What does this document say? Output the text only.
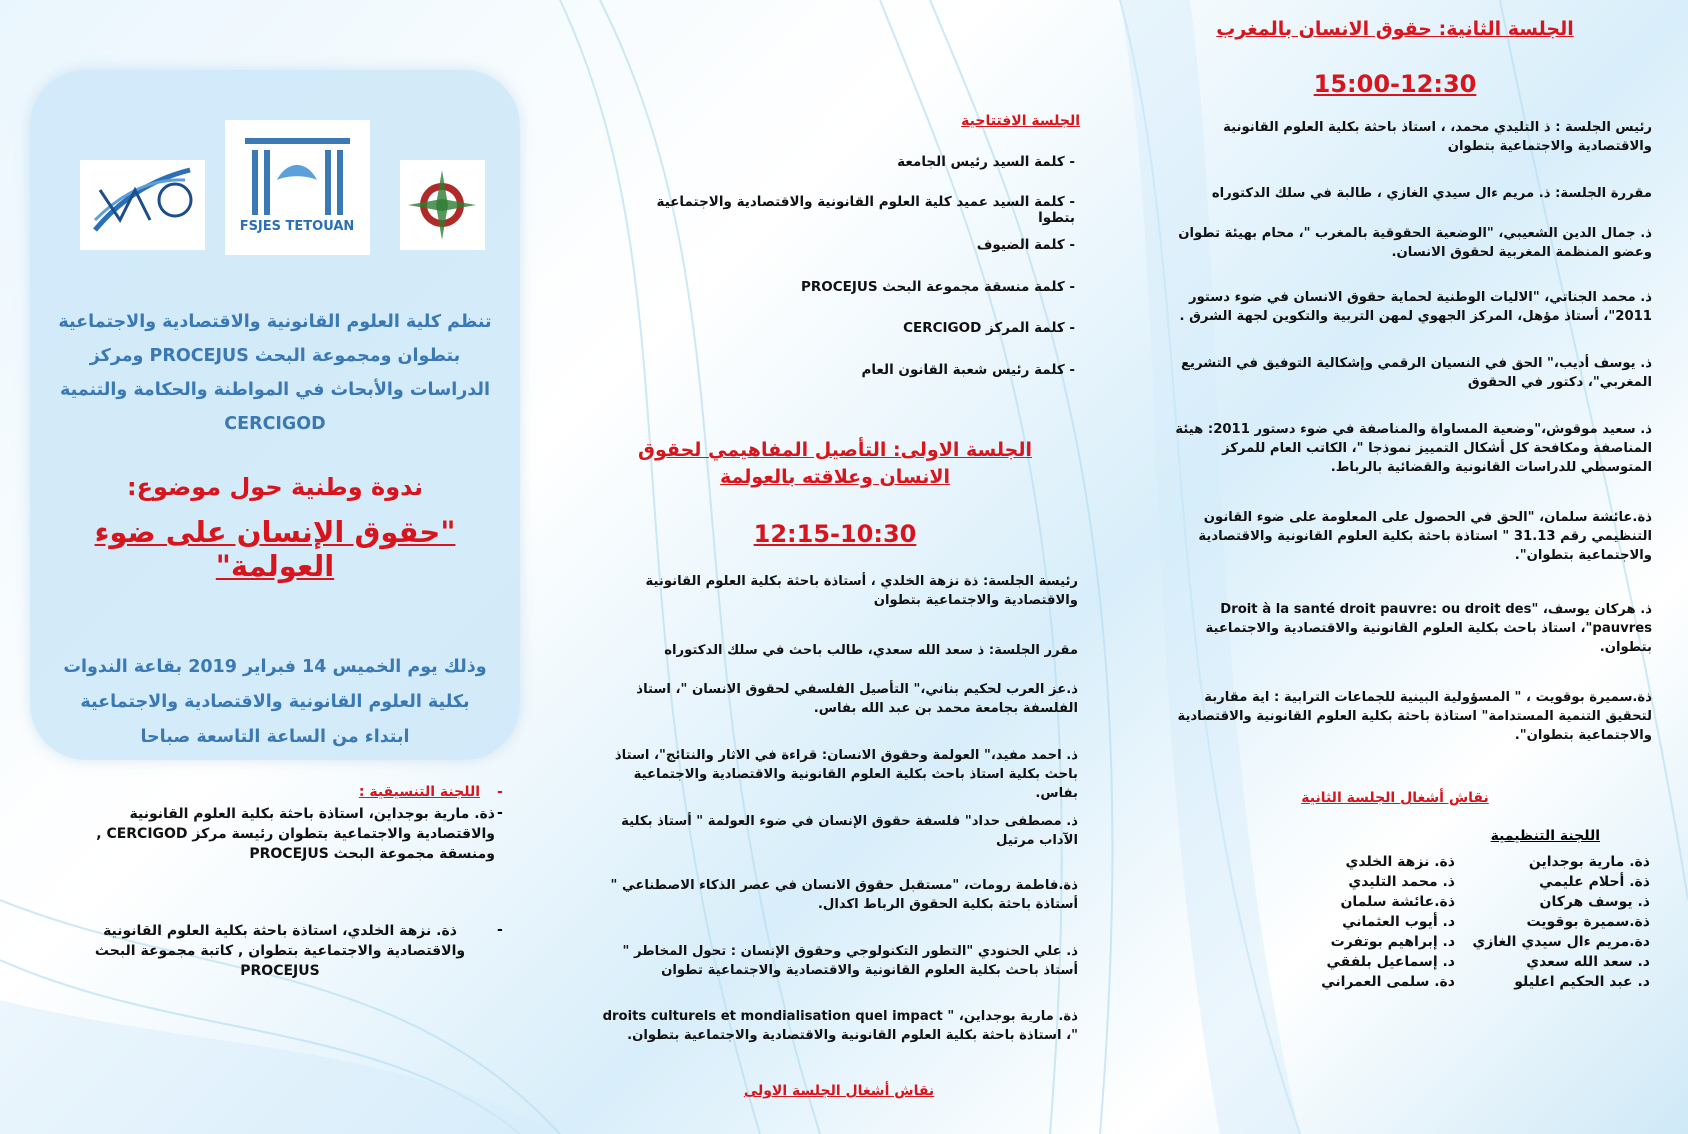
FSJES TETOUAN
تنظم كلية العلوم القانونية والاقتصادية والاجتماعية
بتطوان ومجموعة البحث PROCEJUS ومركز
الدراسات والأبحاث في المواطنة والحكامة والتنمية
CERCIGOD
ندوة وطنية حول موضوع:
"حقوق الإنسان على ضوء العولمة"
وذلك يوم الخميس 14 فبراير 2019 بقاعة الندوات
بكلية العلوم القانونية والاقتصادية والاجتماعية
ابتداء من الساعة التاسعة صباحا
-
اللجنة التنسيقية :
-
ذة. مارية بوجداين، استاذة باحثة بكلية العلوم القانونية والاقتصادية والاجتماعية بتطوان رئيسة مركز CERCIGOD , ومنسقة مجموعة البحث PROCEJUS
-
ذة. نزهة الخلدي، استاذة باحثة بكلية العلوم القانونية والاقتصادية والاجتماعية بتطوان , كاتبة مجموعة البحث PROCEJUS
الجلسة الافتتاحية
- كلمة السيد رئيس الجامعة
- كلمة السيد عميد كلية العلوم القانونية والاقتصادية والاجتماعية بتطوا
- كلمة الضيوف
- كلمة منسقة مجموعة البحث PROCEJUS
- كلمة المركز CERCIGOD
- كلمة رئيس شعبة القانون العام
الجلسة الاولى: التأصيل المفاهيمي لحقوق الانسان وعلاقته بالعولمة
12:15-10:30
رئيسة الجلسة: ذة نزهة الخلدي ، أستاذة باحثة بكلية العلوم القانونية والاقتصادية والاجتماعية بتطوان
مقرر الجلسة: ذ سعد الله سعدي، طالب باحث في سلك الدكتوراه
ذ.عز العرب لحكيم بناني،" التأصيل الفلسفي لحقوق الانسان "، استاذ الفلسفة بجامعة محمد بن عبد الله بفاس.
ذ. احمد مفيد،" العولمة وحقوق الانسان: قراءة في الاثار والنتائج"، استاذ باحث بكلية استاذ باحث بكلية العلوم القانونية والاقتصادية والاجتماعية بفاس.
ذ. مصطفى حداد" فلسفة حقوق الإنسان في ضوء العولمة " أستاذ بكلية الآداب مرتيل
ذة.فاطمة رومات، "مستقبل حقوق الانسان في عصر الذكاء الاصطناعي " أستاذة باحثة بكلية الحقوق الرباط اكدال.
ذ. علي الحنودي "التطور التكنولوجي وحقوق الإنسان : تحول المخاطر " أستاذ باحث بكلية العلوم القانونية والاقتصادية والاجتماعية تطوان
ذة. مارية بوجداين، " droits culturels et mondialisation quel impact "، استاذة باحثة بكلية العلوم القانونية والاقتصادية والاجتماعية بتطوان.
نقاش أشغال الجلسة الاولى
الجلسة الثانية: حقوق الانسان بالمغرب
15:00-12:30
رئيس الجلسة : ذ التليدي محمد، ، استاذ باحثة بكلية العلوم القانونية والاقتصادية والاجتماعية بتطوان
مقررة الجلسة: ذ. مريم ءال سيدي الغازي ، طالبة في سلك الدكتوراه
ذ. جمال الدين الشعيبي، "الوضعية الحقوقية بالمغرب "، محام بهيئة تطوان وعضو المنظمة المغربية لحقوق الانسان.
ذ. محمد الجناتي، "الاليات الوطنية لحماية حقوق الانسان في ضوء دستور 2011"، أستاذ مؤهل، المركز الجهوي لمهن التربية والتكوين لجهة الشرق .
ذ. يوسف أديب،" الحق في النسيان الرقمي وإشكالية التوفيق في التشريع المغربي"، دكتور في الحقوق
ذ. سعيد موقوش،"وضعية المساواة والمناصفة في ضوء دستور 2011: هيئة المناصفة ومكافحة كل أشكال التمييز نموذجا "، الكاتب العام للمركز المتوسطي للدراسات القانونية والقضائية بالرباط.
ذة.عائشة سلمان، "الحق في الحصول على المعلومة على ضوء القانون التنظيمي رقم 31.13 " استاذة باحثة بكلية العلوم القانونية والاقتصادية والاجتماعية بتطوان".
ذ. هركان يوسف، "Droit à la santé droit pauvre: ou droit des pauvres"، استاذ باحث بكلية العلوم القانونية والاقتصادية والاجتماعية بتطوان.
ذة.سميرة بوقويت ، " المسؤولية البينية للجماعات الترابية : اية مقاربة لتحقيق التنمية المستدامة" استاذة باحثة بكلية العلوم القانونية والاقتصادية والاجتماعية بتطوان".
نقاش أشغال الجلسة الثانية
اللجنة التنظيمية
ذة. مارية بوجداين
ذة. أحلام عليمي
ذ. يوسف هركان
ذة.سميرة بوقويت
دة.مريم ءال سيدي الغازي
د. سعد الله سعدي
د. عبد الحكيم اعليلو
ذة. نزهة الخلدي
ذ. محمد التليدي
ذة.عائشة سلمان
د. أيوب العثماني
د. إبراهيم بوتفرت
د. إسماعيل بلفقي
دة. سلمى العمراني
